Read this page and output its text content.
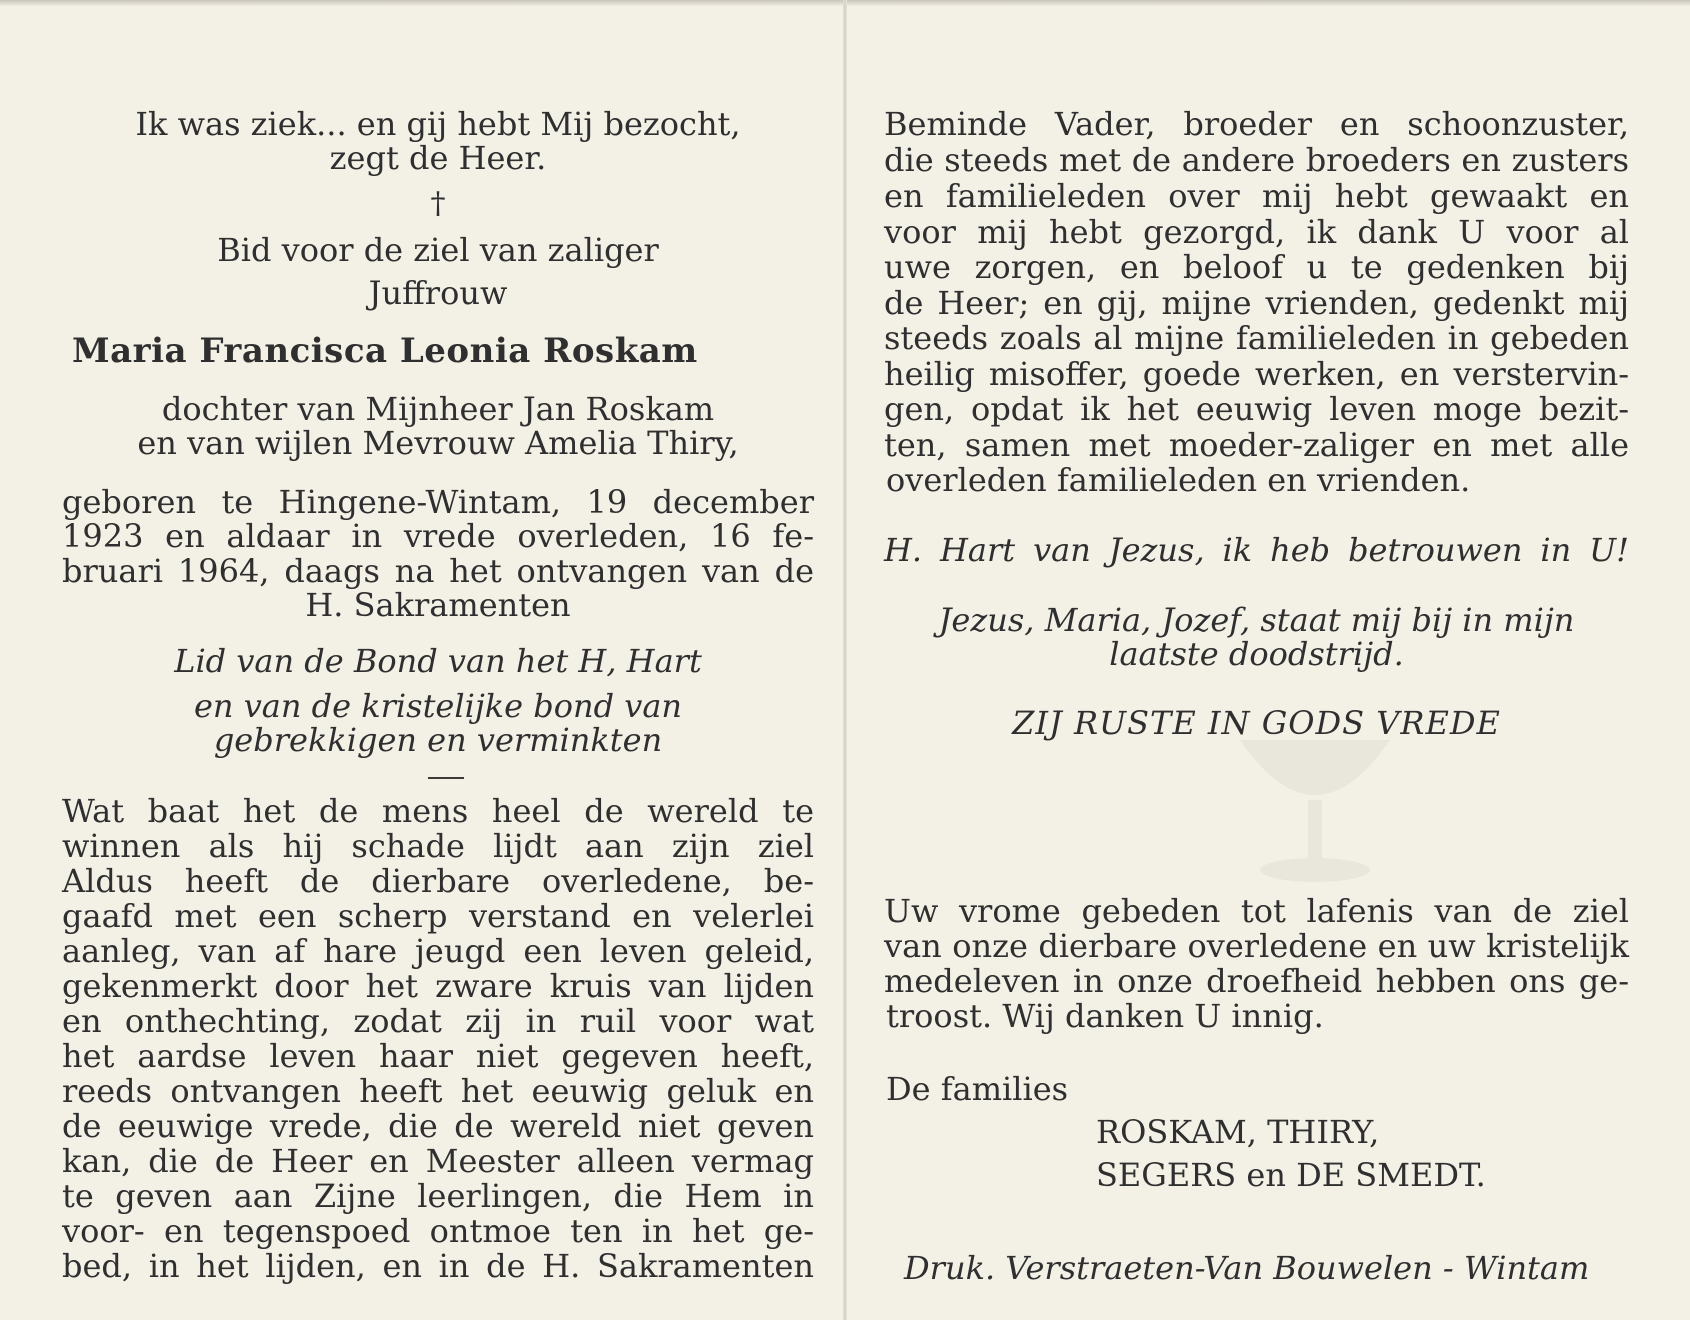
Ik was ziek... en gij hebt Mij bezocht,
zegt de Heer.
†
Bid voor de ziel van zaliger
Juffrouw
Maria Francisca Leonia Roskam
dochter van Mijnheer Jan Roskam
en van wijlen Mevrouw Amelia Thiry,
geboren te Hingene-Wintam, 19 december
1923 en aldaar in vrede overleden, 16 fe-
bruari 1964, daags na het ontvangen van de
H. Sakramenten
Lid van de Bond van het H, Hart
en van de kristelijke bond van
gebrekkigen en verminkten
Wat baat het de mens heel de wereld te
winnen als hij schade lijdt aan zijn ziel
Aldus heeft de dierbare overledene, be-
gaafd met een scherp verstand en velerlei
aanleg, van af hare jeugd een leven geleid,
gekenmerkt door het zware kruis van lijden
en onthechting, zodat zij in ruil voor wat
het aardse leven haar niet gegeven heeft,
reeds ontvangen heeft het eeuwig geluk en
de eeuwige vrede, die de wereld niet geven
kan, die de Heer en Meester alleen vermag
te geven aan Zijne leerlingen, die Hem in
voor- en tegenspoed ontmoe ten in het ge-
bed, in het lijden, en in de H. Sakramenten
Beminde Vader, broeder en schoonzuster,
die steeds met de andere broeders en zusters
en familieleden over mij hebt gewaakt en
voor mij hebt gezorgd, ik dank U voor al
uwe zorgen, en beloof u te gedenken bij
de Heer; en gij, mijne vrienden, gedenkt mij
steeds zoals al mijne familieleden in gebeden
heilig misoffer, goede werken, en verstervin-
gen, opdat ik het eeuwig leven moge bezit-
ten, samen met moeder-zaliger en met alle
overleden familieleden en vrienden.
H. Hart van Jezus, ik heb betrouwen in U!
Jezus, Maria, Jozef, staat mij bij in mijn
laatste doodstrijd.
ZIJ RUSTE IN GODS VREDE
Uw vrome gebeden tot lafenis van de ziel
van onze dierbare overledene en uw kristelijk
medeleven in onze droefheid hebben ons ge-
troost. Wij danken U innig.
De families
ROSKAM, THIRY,
SEGERS en DE SMEDT.
Druk. Verstraeten-Van Bouwelen - Wintam
